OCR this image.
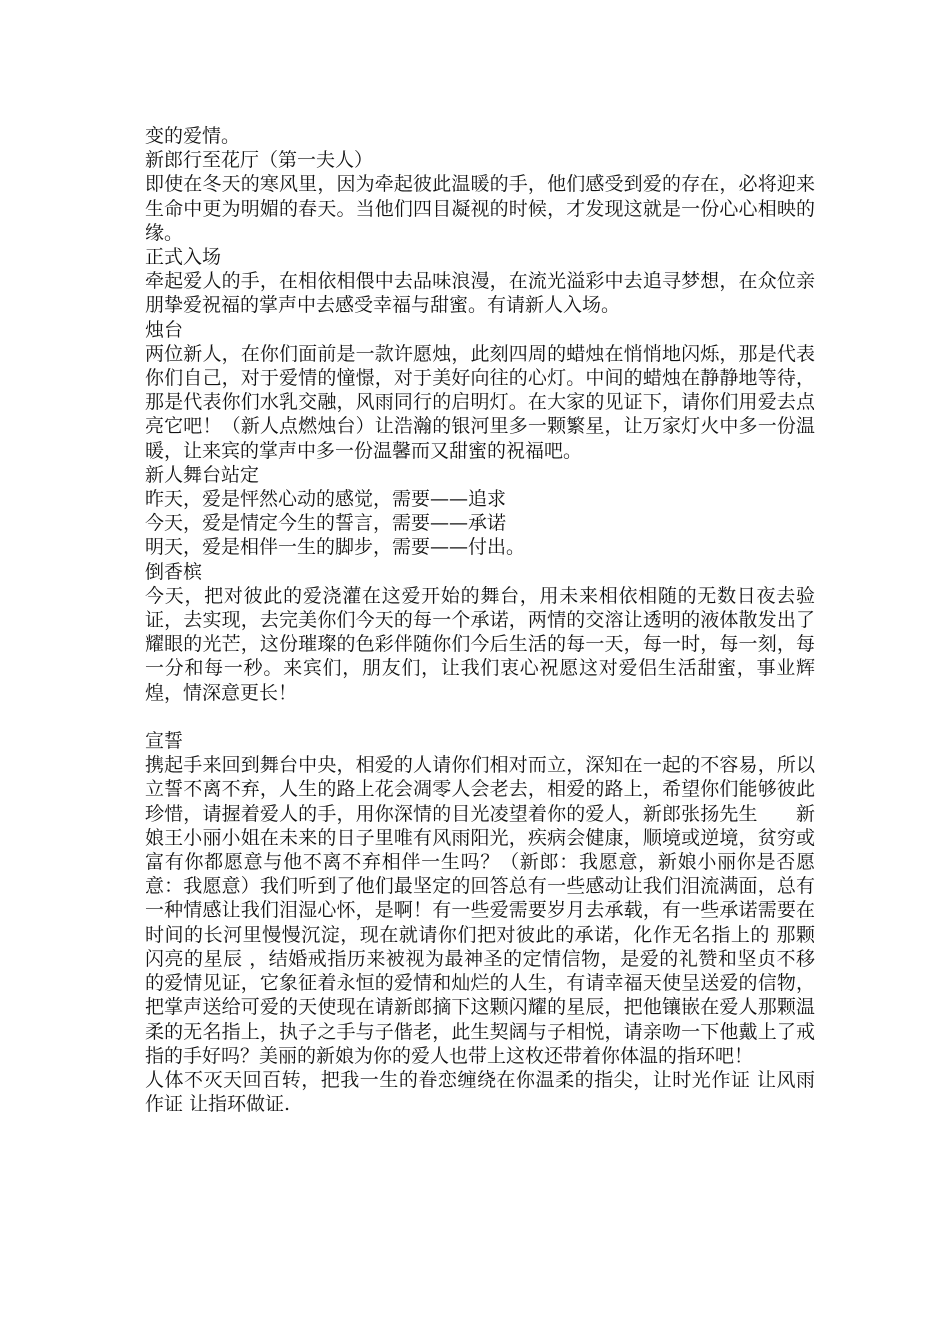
变的爱情。

新郎行至花厅（第一夫人）

即使在冬天的寒风里，因为牵起彼此温暖的手，他们感受到爱的存在，必将迎来生命中更为明媚的春天。当他们四目凝视的时候，才发现这就是一份心心相映的缘。

正式入场

牵起爱人的手，在相依相偎中去品味浪漫，在流光溢彩中去追寻梦想，在众位亲朋挚爱祝福的掌声中去感受幸福与甜蜜。有请新人入场。

烛台

两位新人，在你们面前是一款许愿烛，此刻四周的蜡烛在悄悄地闪烁，那是代表你们自己，对于爱情的憧憬，对于美好向往的心灯。中间的蜡烛在静静地等待，那是代表你们水乳交融，风雨同行的启明灯。在大家的见证下，请你们用爱去点亮它吧！（新人点燃烛台）让浩瀚的银河里多一颗繁星，让万家灯火中多一份温暖，让来宾的掌声中多一份温馨而又甜蜜的祝福吧。

新人舞台站定

昨天，爱是怦然心动的感觉，需要——追求

今天，爱是情定今生的誓言，需要——承诺

明天，爱是相伴一生的脚步，需要——付出。

倒香槟

今天，把对彼此的爱浇灌在这爱开始的舞台，用未来相依相随的无数日夜去验证，去实现，去完美你们今天的每一个承诺，两情的交溶让透明的液体散发出了耀眼的光芒，这份璀璨的色彩伴随你们今后生活的每一天，每一时，每一刻，每一分和每一秒。来宾们，朋友们，让我们衷心祝愿这对爱侣生活甜蜜，事业辉煌，情深意更长！

宣誓

携起手来回到舞台中央，相爱的人请你们相对而立，深知在一起的不容易，所以立誓不离不弃，人生的路上花会凋零人会老去，相爱的路上，希望你们能够彼此珍惜，请握着爱人的手，用你深情的目光凌望着你的爱人，新郎张扬先生　　新娘王小丽小姐在未来的日子里唯有风雨阳光，疾病会健康，顺境或逆境，贫穷或富有你都愿意与他不离不弃相伴一生吗？（新郎：我愿意，新娘小丽你是否愿意：我愿意）我们听到了他们最坚定的回答总有一些感动让我们泪流满面，总有一种情感让我们泪湿心怀，是啊！有一些爱需要岁月去承载，有一些承诺需要在时间的长河里慢慢沉淀，现在就请你们把对彼此的承诺，化作无名指上的 那颗闪亮的星辰 ，结婚戒指历来被视为最神圣的定情信物，是爱的礼赞和坚贞不移的爱情见证，它象征着永恒的爱情和灿烂的人生，有请幸福天使呈送爱的信物，把掌声送给可爱的天使现在请新郎摘下这颗闪耀的星辰，把他镶嵌在爱人那颗温柔的无名指上，执子之手与子偕老，此生契阔与子相悦，请亲吻一下他戴上了戒指的手好吗？美丽的新娘为你的爱人也带上这枚还带着你体温的指环吧！

人体不灭天回百转，把我一生的眷恋缠绕在你温柔的指尖，让时光作证 让风雨作证 让指环做证.
